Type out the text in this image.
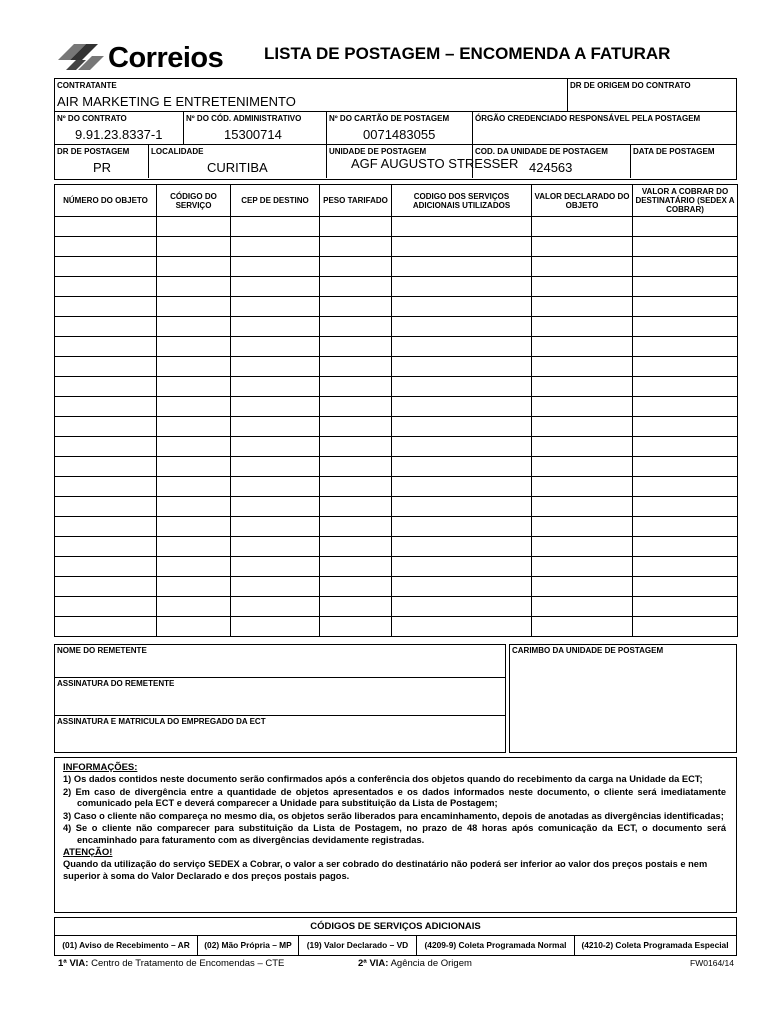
Correios LISTA DE POSTAGEM – ENCOMENDA A FATURAR
CONTRATANTE
AIR MARKETING E ENTRETENIMENTO
DR DE ORIGEM DO CONTRATO
Nº DO CONTRATO
9.91.23.8337-1
Nº DO CÓD. ADMINISTRATIVO
15300714
Nº DO CARTÃO DE POSTAGEM
0071483055
ÓRGÃO CREDENCIADO RESPONSÁVEL PELA POSTAGEM
DR DE POSTAGEM
PR
LOCALIDADE
CURITIBA
UNIDADE DE POSTAGEM
AGF AUGUSTO STRESSER
COD. DA UNIDADE DE POSTAGEM
424563
DATA DE POSTAGEM
NÚMERO DO OBJETO	CÓDIGO DO SERVIÇO	CEP DE DESTINO	PESO TARIFADO	CODIGO DOS SERVIÇOS ADICIONAIS UTILIZADOS	VALOR DECLARADO DO OBJETO	VALOR A COBRAR DO DESTINATÁRIO (SEDEX A COBRAR)

NOME DO REMETENTE
ASSINATURA DO REMETENTE
ASSINATURA E MATRICULA DO EMPREGADO DA ECT
CARIMBO DA UNIDADE DE POSTAGEM
INFORMAÇÕES:
1) Os dados contidos neste documento serão confirmados após a conferência dos objetos quando do recebimento da carga na Unidade da ECT;
2) Em caso de divergência entre a quantidade de objetos apresentados e os dados informados neste documento, o cliente será imediatamente comunicado pela ECT e deverá comparecer a Unidade para substituição da Lista de Postagem;
3) Caso o cliente não compareça no mesmo dia, os objetos serão liberados para encaminhamento, depois de anotadas as divergências identificadas;
4) Se o cliente não comparecer para substituição da Lista de Postagem, no prazo de 48 horas após comunicação da ECT, o documento será encaminhado para faturamento com as divergências devidamente registradas.
ATENÇÃO!

Quando da utilização do serviço SEDEX a Cobrar, o valor a ser cobrado do destinatário não poderá ser inferior ao valor dos preços postais e nem superior à soma do Valor Declarado e dos preços postais pagos.

CÓDIGOS DE SERVIÇOS ADICIONAIS
(01) Aviso de Recebimento – AR	(02) Mão Própria – MP	(19) Valor Declarado – VD	(4209-9) Coleta Programada Normal	(4210-2) Coleta Programada Especial
1ª VIA: Centro de Tratamento de Encomendas – CTE	2ª VIA: Agência de Origem	FW0164/14
